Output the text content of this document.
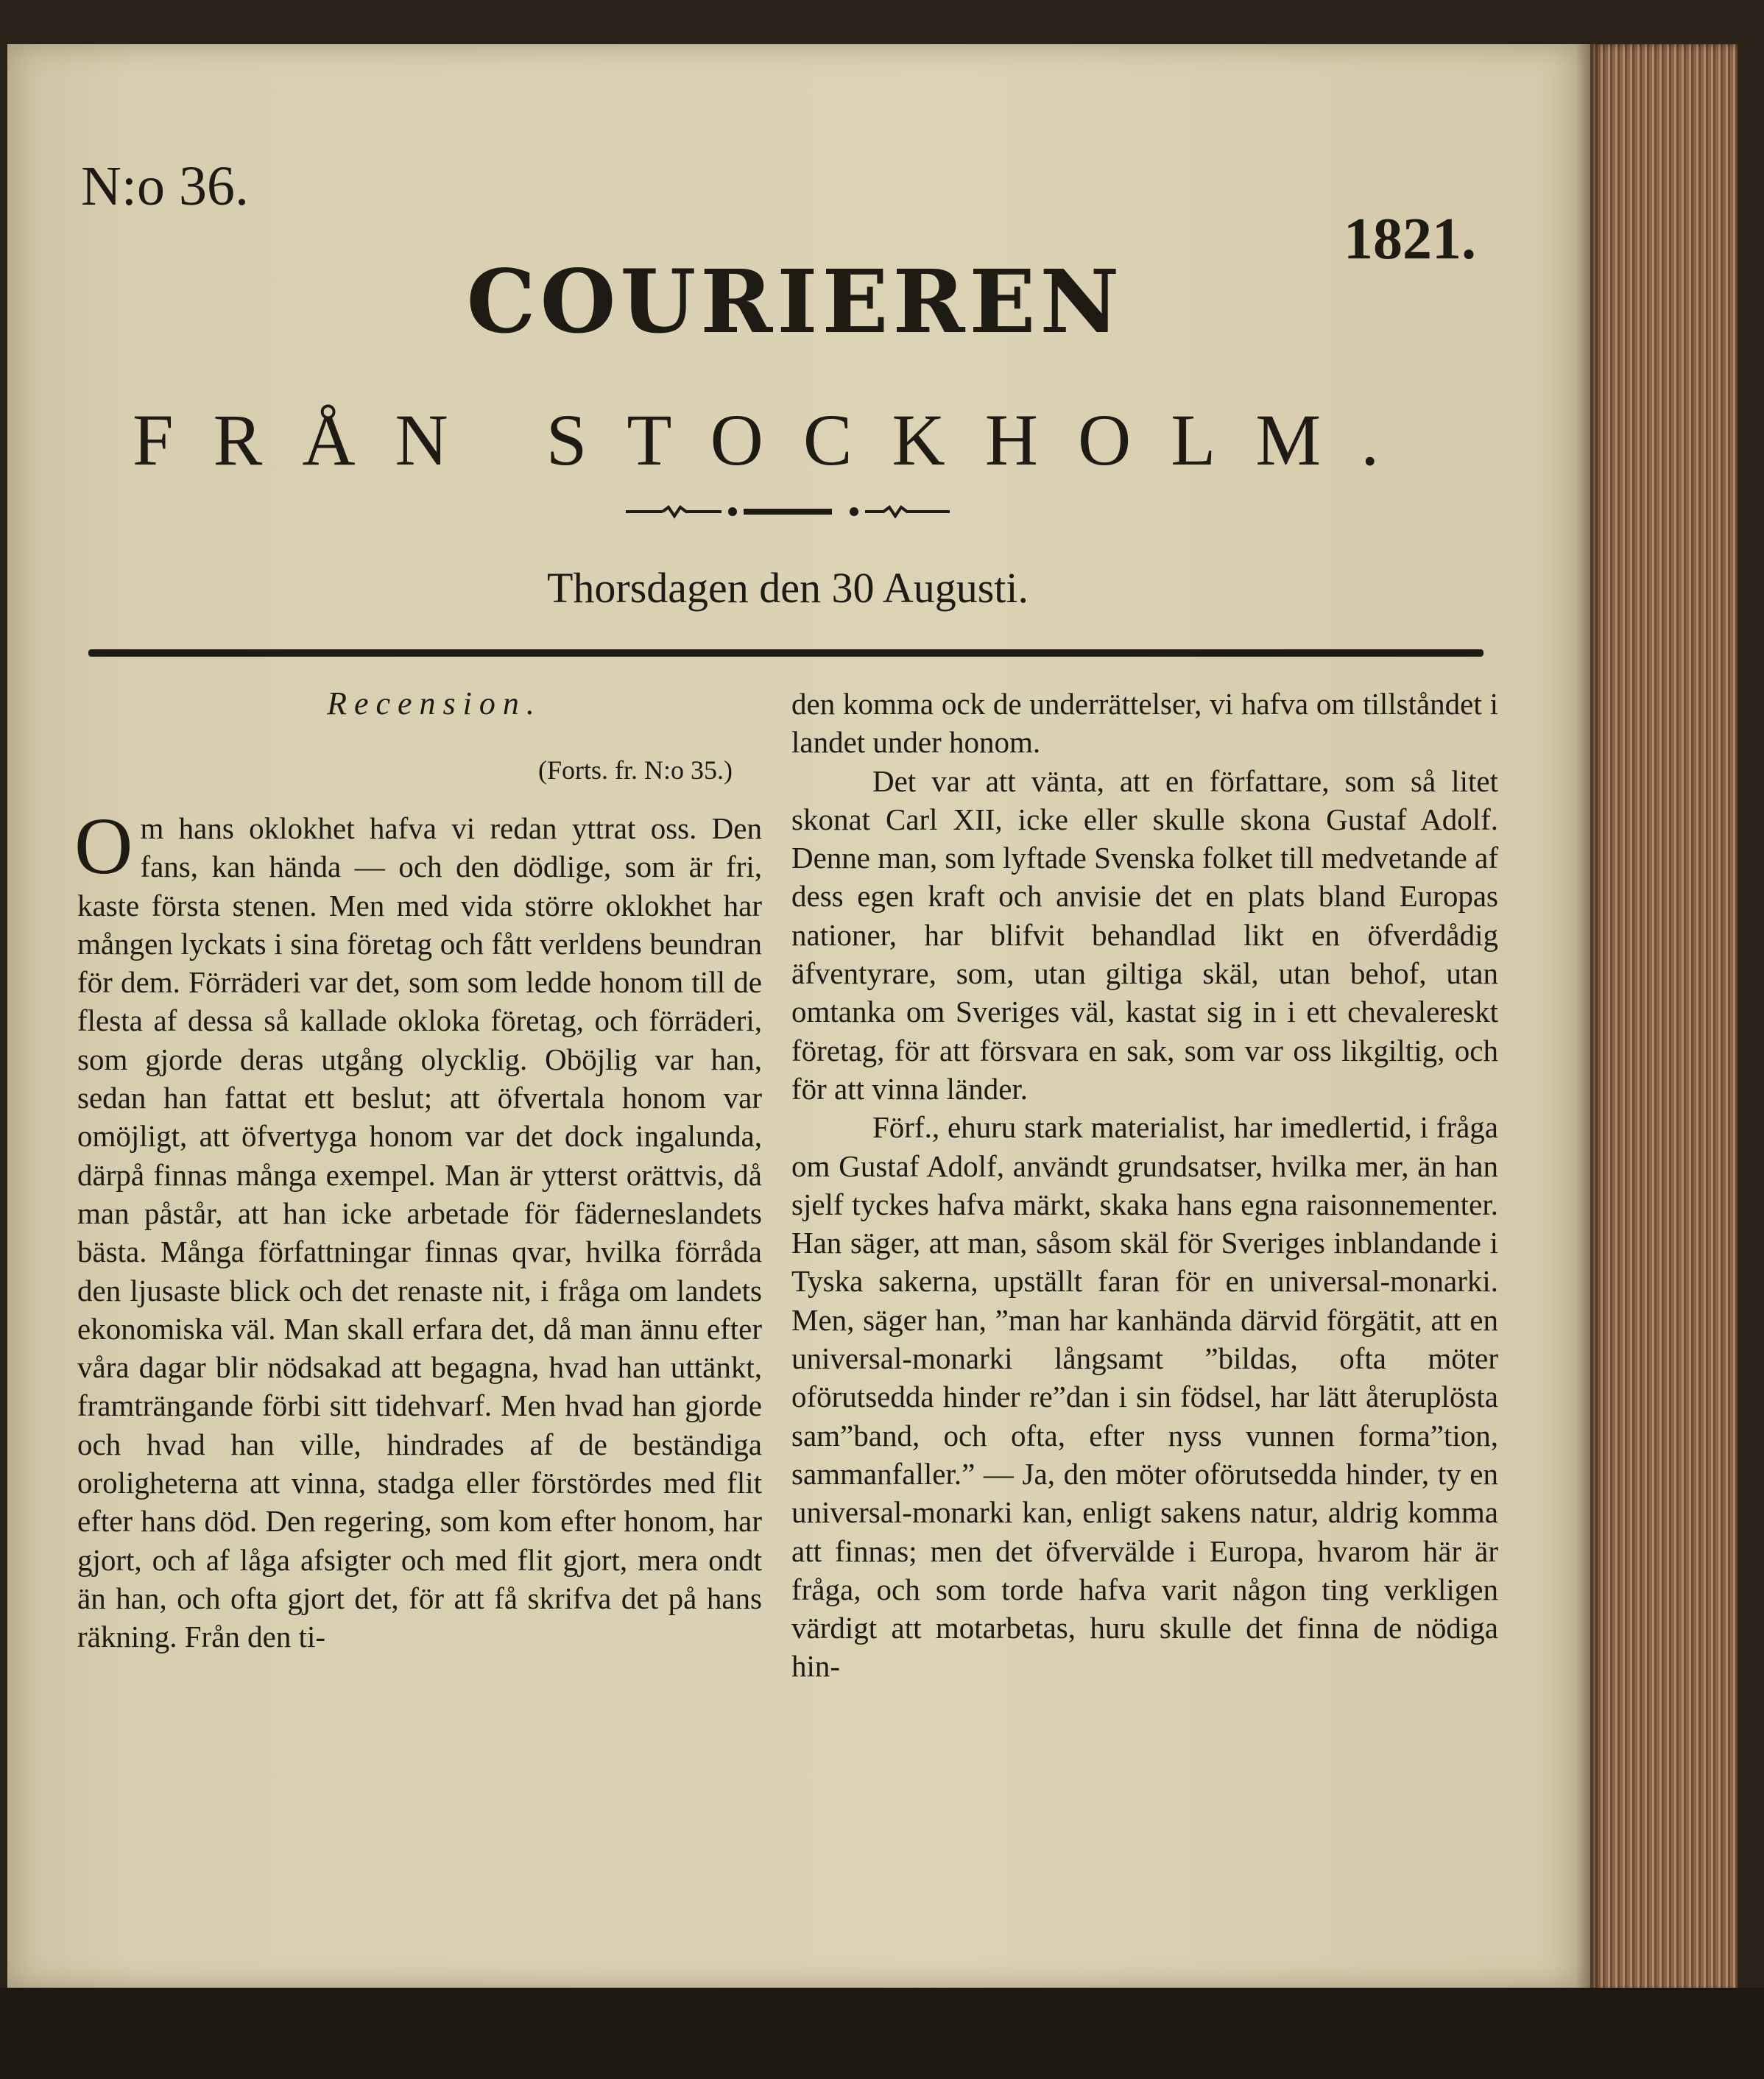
N:o 36.
1821.
COURIEREN
FRÅN STOCKHOLM.
Thorsdagen den 30 Augusti.
Recension.
(Forts. fr. N:o 35.)

Om hans oklokhet hafva vi redan yttrat oss. Den fans, kan hända — och den dödlige, som är fri, kaste första stenen. Men med vida större oklokhet har mången lyckats i sina företag och fått verldens beundran för dem. Förräderi var det, som som ledde honom till de flesta af dessa så kallade okloka företag, och förräderi, som gjorde deras utgång olycklig. Oböjlig var han, sedan han fattat ett beslut; att öfvertala honom var omöjligt, att öfvertyga honom var det dock ingalunda, därpå finnas många exempel. Man är ytterst orättvis, då man påstår, att han icke arbetade för fäderneslandets bästa. Många författningar finnas qvar, hvilka förråda den ljusaste blick och det renaste nit, i fråga om landets ekonomiska väl. Man skall erfara det, då man ännu efter våra dagar blir nödsakad att begagna, hvad han uttänkt, framträngande förbi sitt tidehvarf. Men hvad han gjorde och hvad han ville, hindrades af de beständiga oroligheterna att vinna, stadga eller förstördes med flit efter hans död. Den regering, som kom efter honom, har gjort, och af låga afsigter och med flit gjort, mera ondt än han, och ofta gjort det, för att få skrifva det på hans räkning. Från den ti-

den komma ock de underrättelser, vi hafva om tillståndet i landet under honom.

Det var att vänta, att en författare, som så litet skonat Carl XII, icke eller skulle skona Gustaf Adolf. Denne man, som lyftade Svenska folket till medvetande af dess egen kraft och anvisie det en plats bland Europas nationer, har blifvit behandlad likt en öfverdådig äfventyrare, som, utan giltiga skäl, utan behof, utan omtanka om Sveriges väl, kastat sig in i ett chevalereskt företag, för att försvara en sak, som var oss likgiltig, och för att vinna länder.

Förf., ehuru stark materialist, har imedlertid, i fråga om Gustaf Adolf, användt grundsatser, hvilka mer, än han sjelf tyckes hafva märkt, skaka hans egna raisonnementer. Han säger, att man, såsom skäl för Sveriges inblandande i Tyska sakerna, upställt faran för en universal-monarki. Men, säger han, ”man har kanhända därvid förgätit, att en universal-monarki långsamt ”bildas, ofta möter oförutsedda hinder re”dan i sin födsel, har lätt återuplösta sam”band, och ofta, efter nyss vunnen forma”tion, sammanfaller.” — Ja, den möter oförutsedda hinder, ty en universal-monarki kan, enligt sakens natur, aldrig komma att finnas; men det öfvervälde i Europa, hvarom här är fråga, och som torde hafva varit någon ting verkligen värdigt att motarbetas, huru skulle det finna de nödiga hin-
